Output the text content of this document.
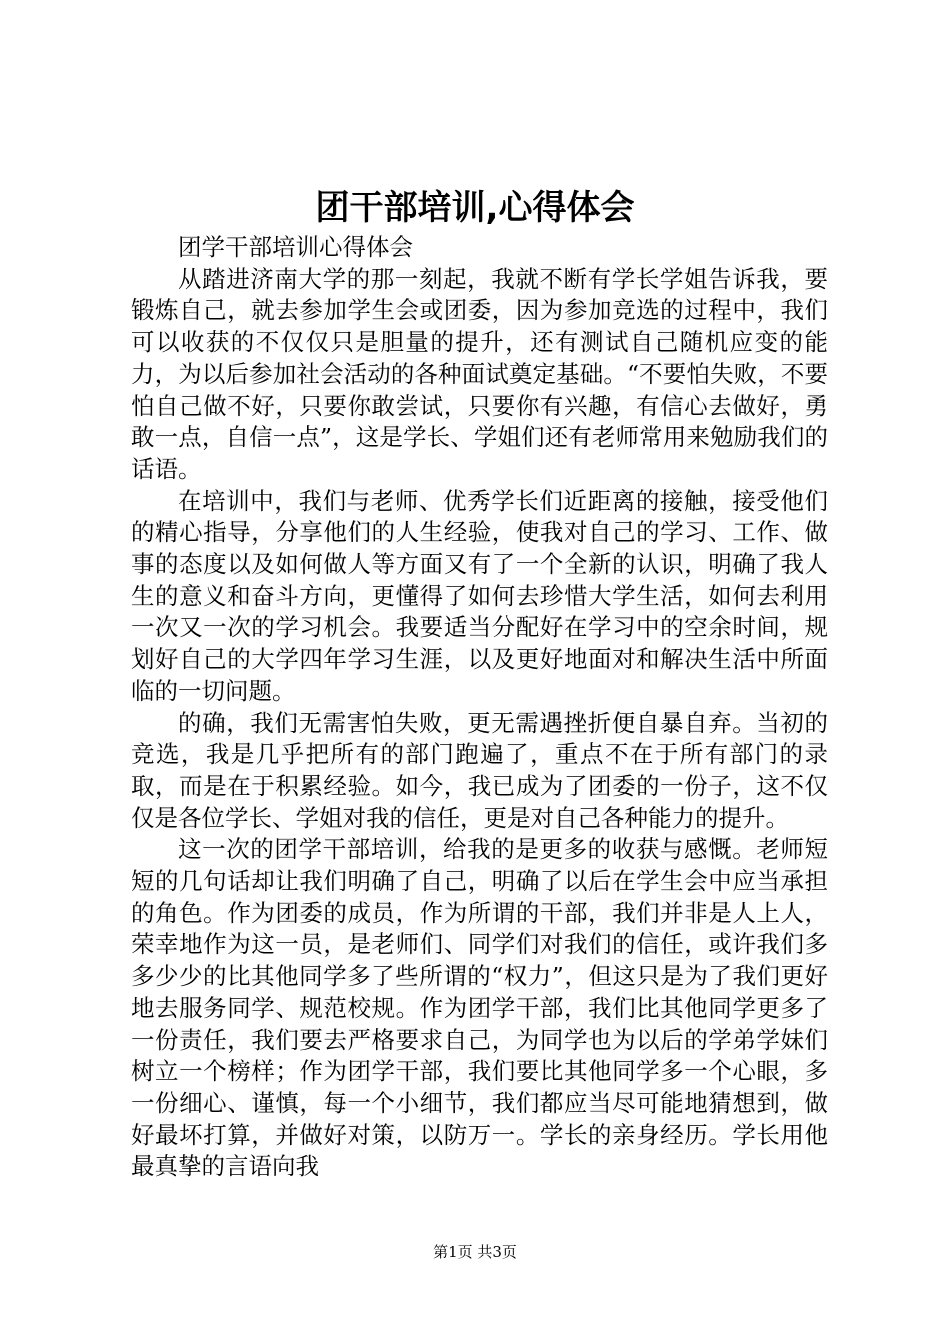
团干部培训,心得体会

团学干部培训心得体会

从踏进济南大学的那一刻起，我就不断有学长学姐告诉我，要锻炼自己，就去参加学生会或团委，因为参加竞选的过程中，我们可以收获的不仅仅只是胆量的提升，还有测试自己随机应变的能力，为以后参加社会活动的各种面试奠定基础。“不要怕失败，不要怕自己做不好，只要你敢尝试，只要你有兴趣，有信心去做好，勇敢一点，自信一点”，这是学长、学姐们还有老师常用来勉励我们的话语。

在培训中，我们与老师、优秀学长们近距离的接触，接受他们的精心指导，分享他们的人生经验，使我对自己的学习、工作、做事的态度以及如何做人等方面又有了一个全新的认识，明确了我人生的意义和奋斗方向，更懂得了如何去珍惜大学生活，如何去利用一次又一次的学习机会。我要适当分配好在学习中的空余时间，规划好自己的大学四年学习生涯，以及更好地面对和解决生活中所面临的一切问题。

的确，我们无需害怕失败，更无需遇挫折便自暴自弃。当初的竞选，我是几乎把所有的部门跑遍了，重点不在于所有部门的录取，而是在于积累经验。如今，我已成为了团委的一份子，这不仅仅是各位学长、学姐对我的信任，更是对自己各种能力的提升。

这一次的团学干部培训，给我的是更多的收获与感慨。老师短短的几句话却让我们明确了自己，明确了以后在学生会中应当承担的角色。作为团委的成员，作为所谓的干部，我们并非是人上人，荣幸地作为这一员，是老师们、同学们对我们的信任，或许我们多多少少的比其他同学多了些所谓的“权力”，但这只是为了我们更好地去服务同学、规范校规。作为团学干部，我们比其他同学更多了一份责任，我们要去严格要求自己，为同学也为以后的学弟学妹们树立一个榜样；作为团学干部，我们要比其他同学多一个心眼，多一份细心、谨慎，每一个小细节，我们都应当尽可能地猜想到，做好最坏打算，并做好对策，以防万一。学长的亲身经历。学长用他最真挚的言语向我

第1页 共3页
